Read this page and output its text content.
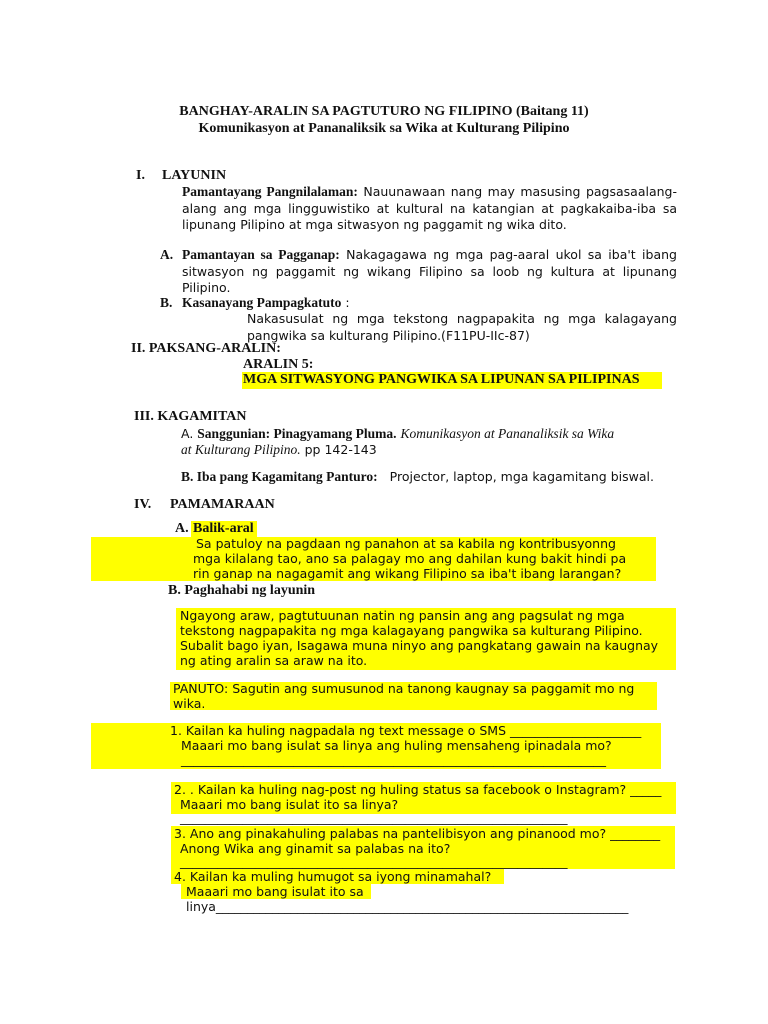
BANGHAY-ARALIN SA PAGTUTURO NG FILIPINO (Baitang 11)
Komunikasyon at Pananaliksik sa Wika at Kulturang Pilipino
I. LAYUNIN
Pamantayang Pangnilalaman: Nauunawaan nang may masusing pagsasaalang-alang ang mga lingguwistiko at kultural na katangian at pagkakaiba-iba sa lipunang Pilipino at mga sitwasyon ng paggamit ng wika dito.
A. Pamantayan sa Pagganap: Nakagagawa ng mga pag-aaral ukol sa iba't ibang sitwasyon ng paggamit ng wikang Filipino sa loob ng kultura at lipunang Pilipino.
B. Kasanayang Pampagkatuto :
Nakasusulat ng mga tekstong nagpapakita ng mga kalagayang pangwika sa kulturang Pilipino.(F11PU-IIc-87)
II. PAKSANG-ARALIN:
ARALIN 5:
MGA SITWASYONG PANGWIKA SA LIPUNAN SA PILIPINAS
III. KAGAMITAN
A. Sanggunian: Pinagyamang Pluma. Komunikasyon at Pananaliksik sa Wika
at Kulturang Pilipino. pp 142-143
B. Iba pang Kagamitang Panturo: Projector, laptop, mga kagamitang biswal.
IV. PAMAMARAAN
A. Balik-aral
Sa patuloy na pagdaan ng panahon at sa kabila ng kontribusyonng
mga kilalang tao, ano sa palagay mo ang dahilan kung bakit hindi pa
rin ganap na nagagamit ang wikang Filipino sa iba't ibang larangan?
B. Paghahabi ng layunin
Ngayong araw, pagtutuunan natin ng pansin ang ang pagsulat ng mga
tekstong nagpapakita ng mga kalagayang pangwika sa kulturang Pilipino.
Subalit bago iyan, Isagawa muna ninyo ang pangkatang gawain na kaugnay
ng ating aralin sa araw na ito.
PANUTO: Sagutin ang sumusunod na tanong kaugnay sa paggamit mo ng
wika.
1. Kailan ka huling nagpadala ng text message o SMS _____________________
Maaari mo bang isulat sa linya ang huling mensaheng ipinadala mo?
____________________________________________________________________
2. . Kailan ka huling nag-post ng huling status sa facebook o Instagram? _____
Maaari mo bang isulat ito sa linya?
______________________________________________________________
3. Ano ang pinakahuling palabas na pantelibisyon ang pinanood mo? ________
Anong Wika ang ginamit sa palabas na ito?
______________________________________________________________
4. Kailan ka muling humugot sa iyong minamahal?
Maaari mo bang isulat ito sa
linya__________________________________________________________________
